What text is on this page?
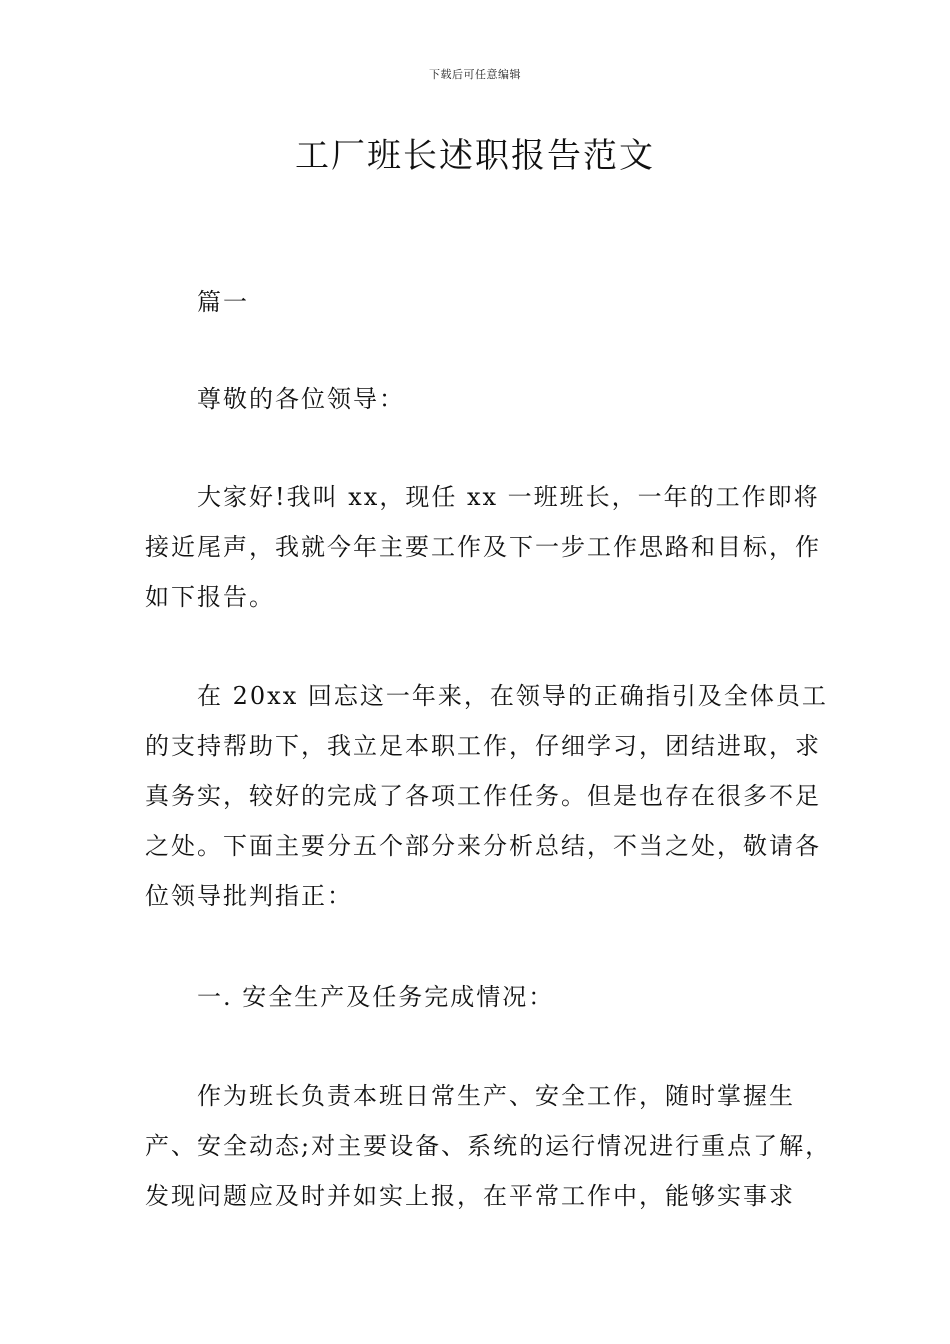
下载后可任意编辑
工厂班长述职报告范文

篇一

尊敬的各位领导：

大家好!我叫 xx，现任 xx 一班班长，一年的工作即将接近尾声，我就今年主要工作及下一步工作思路和目标，作如下报告。

在 20xx 回忘这一年来，在领导的正确指引及全体员工的支持帮助下，我立足本职工作，仔细学习，团结进取，求真务实，较好的完成了各项工作任务。但是也存在很多不足之处。下面主要分五个部分来分析总结，不当之处，敬请各位领导批判指正：

一. 安全生产及任务完成情况：

作为班长负责本班日常生产、安全工作，随时掌握生产、安全动态;对主要设备、系统的运行情况进行重点了解，发现问题应及时并如实上报，在平常工作中，能够实事求
